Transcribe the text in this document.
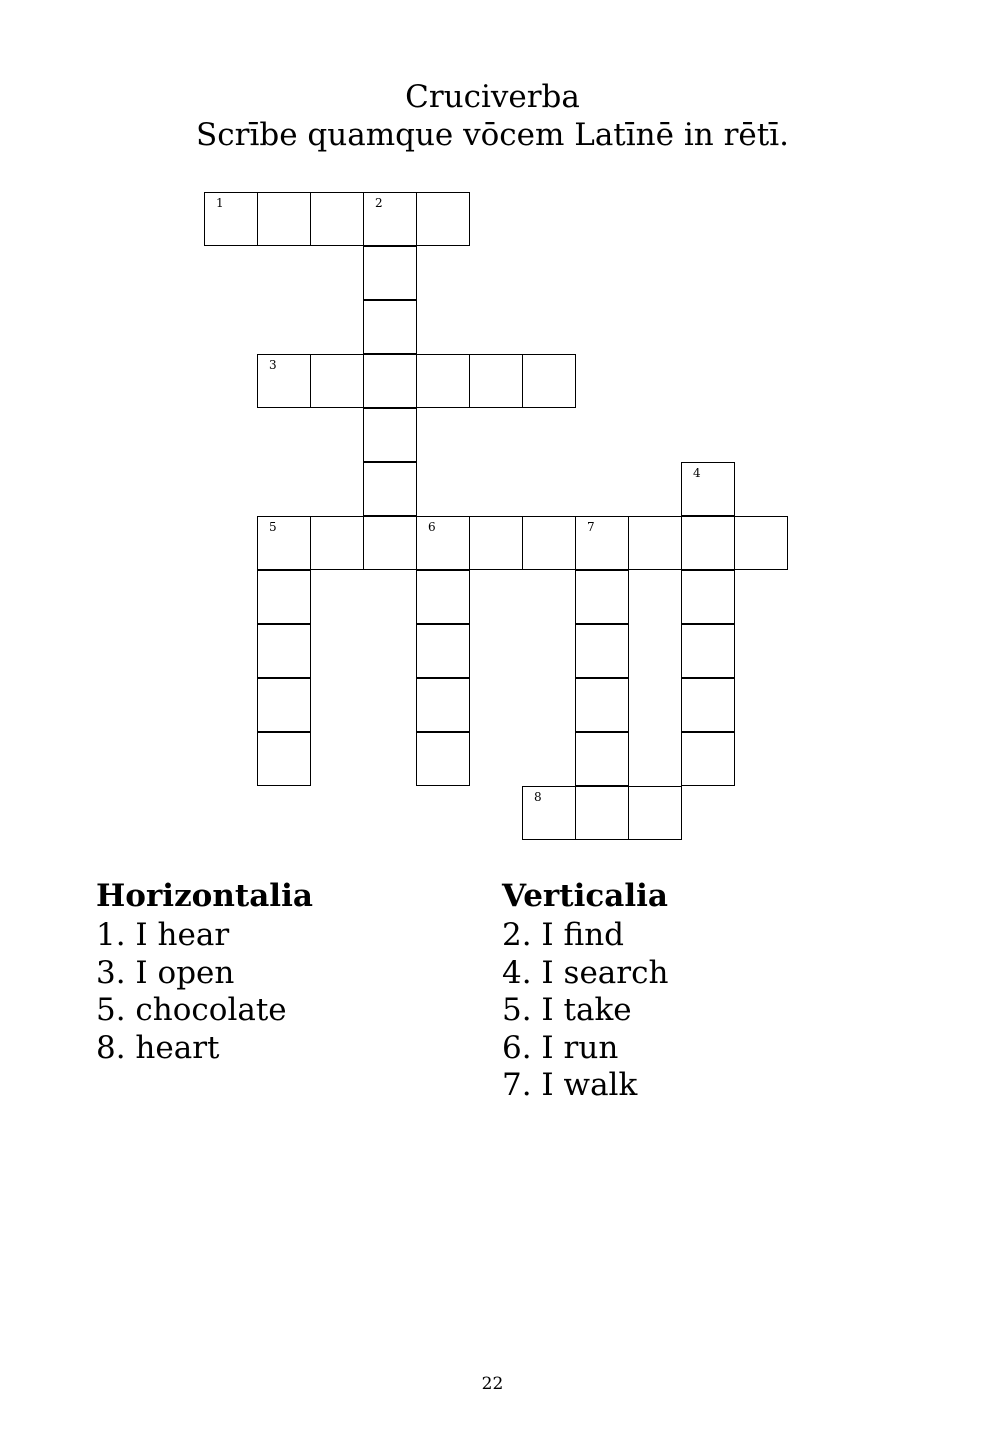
Cruciverba
Scrībe quamque vōcem Latīnē in rētī.
1	2
3
4
5	6	7
8
Horizontalia
1. I hear
3. I open
5. chocolate
8. heart
Verticalia
2. I find
4. I search
5. I take
6. I run
7. I walk
22
